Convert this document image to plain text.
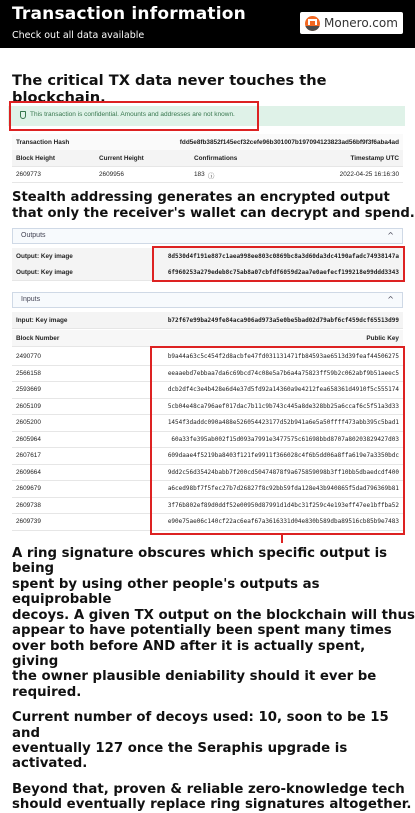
Transaction information
Check out all data available
Monero.com
The critical TX data never touches the blockchain.
This transaction is confidential. Amounts and addresses are not known.
Transaction Hash	fdd5e8fb3852f145ecf32cefe96b301007b197094123823ad56bf9f3f6aba4ad
Block Height	Current Height	Confirmations	Timestamp UTC
2609773	2609956	183 ⓘ	2022-04-25 16:16:30
Stealth addressing generates an encrypted output
that only the receiver's wallet can decrypt and spend.
Outputs	^
Output: Key image	8d530d4f191e887c1aea998ee803c0869bc8a3d60da3dc4190afadc74938147a
Output: Key image	6f960253a279edeb8c75ab8a07cbfdf6059d2aa7e0aefecf199218e99ddd3343
Inputs	^
Input: Key image	b72f67e99ba249fe84aca906ad973a5e0be5bad02d79abf6cf459dcf65513d99
Block Number	Public Key
2490770	b9a44a63c5c454f2d8acbfe47fd031131471fb84593ae6513d39feaf44506275
2566158	eeaaebd7ebbaa7da6c69bcd74c08e5a7b6a4a75823ff59b2c062abf9b51aeec5
2593669	dcb2df4c3e4b428e6d4e37d5fd92a14360a9e4212fea658361d4910f5c555174
2605109	5cb04e48ca796aef017dac7b11c9b743c445a8de328bb25a6ccaf6c5f51a3d33
2605200	1454f3daddc090a488e526054423177d52b941a6e5a50ffff473abb395c5bad1
2605964	60a33fe395ab002f15d093a7991e3477575c61698bbd8707a80203829427d03
2607617	609daae4f5219ba8403f121fe9911f366028c4f6b5dd06a8ffa619e7a3350bdc
2609664	9dd2c56d35424babb7f200cd50474878f9a675859098b3ff10bb5dbaedcdf400
2609679	a6ced98bf7f5fec27b7d26827f8c92bb59fda128e43b940865f5dad796369b81
2609738	3f76b802ef89d0ddf52e00950d87991d1d4bc31f259c4e193eff47ee1bffba52
2609739	e90e75ae06c140cf22ac6eaf67a3616331d04e830b589dba89516cb85b9e7483
A ring signature obscures which specific output is being
spent by using other people's outputs as equiprobable
decoys. A given TX output on the blockchain will thus
appear to have potentially been spent many times
over both before AND after it is actually spent, giving
the owner plausible deniability should it ever be
required.
Current number of decoys used: 10, soon to be 15 and
eventually 127 once the Seraphis upgrade is activated.
Beyond that, proven & reliable zero-knowledge tech
should eventually replace ring signatures altogether.
